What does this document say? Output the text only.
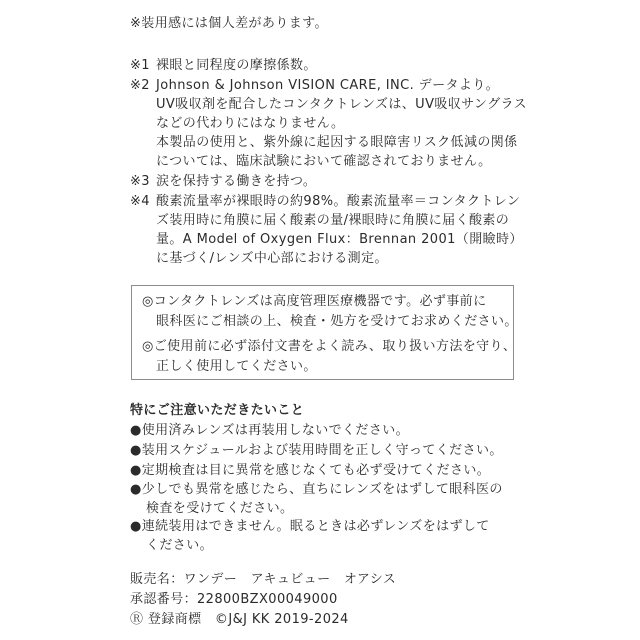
※装用感には個人差があります。
※1 裸眼と同程度の摩擦係数。
※2 Johnson & Johnson VISION CARE, INC. データより。
UV吸収剤を配合したコンタクトレンズは、UV吸収サングラス
などの代わりにはなりません。
本製品の使用と、紫外線に起因する眼障害リスク低減の関係
については、臨床試験において確認されておりません。
※3 涙を保持する働きを持つ。
※4 酸素流量率が裸眼時の約98%。酸素流量率＝コンタクトレン
ズ装用時に角膜に届く酸素の量/裸眼時に角膜に届く酸素の
量。A Model of Oxygen Flux：Brennan 2001（開瞼時）
に基づく/レンズ中心部における測定。
◎コンタクトレンズは高度管理医療機器です。必ず事前に
眼科医にご相談の上、検査・処方を受けてお求めください。
◎ご使用前に必ず添付文書をよく読み、取り扱い方法を守り、
正しく使用してください。
特にご注意いただきたいこと
●使用済みレンズは再装用しないでください。
●装用スケジュールおよび装用時間を正しく守ってください。
●定期検査は目に異常を感じなくても必ず受けてください。
●少しでも異常を感じたら、直ちにレンズをはずして眼科医の
検査を受けてください。
●連続装用はできません。眠るときは必ずレンズをはずして
ください。
販売名：ワンデー　アキュビュー　オアシス
承認番号：22800BZX00049000
Ⓡ 登録商標　©J&J KK 2019-2024
